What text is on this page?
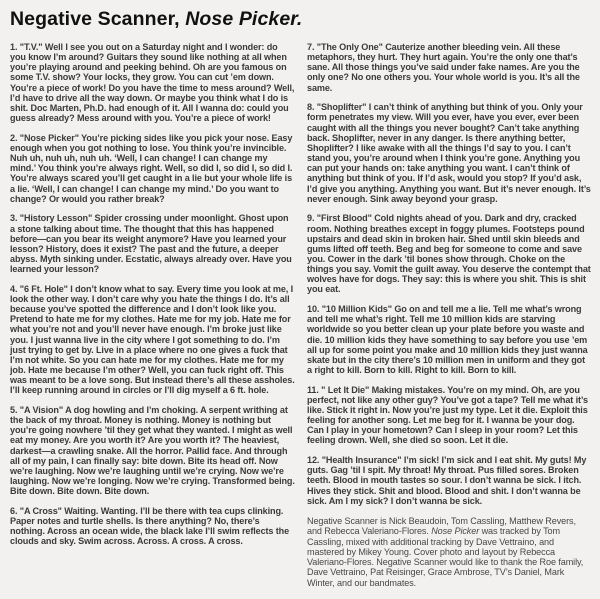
Negative Scanner, Nose Picker.

1. "T.V." Well I see you out on a Saturday night and I wonder: do you know I’m around? Guitars they sound like nothing at all when you’re playing around and peeking behind. Oh are you famous on some T.V. show? Your locks, they grow. You can cut ’em down. You’re a piece of work! Do you have the time to mess around? Well, I’d have to drive all the way down. Or maybe you think what I do is shit. Doc Marten, Ph.D. had enough of it. All I wanna do: could you guess already? Mess around with you. You’re a piece of work!

2. "Nose Picker" You’re picking sides like you pick your nose. Easy enough when you got nothing to lose. You think you’re invincible. Nuh uh, nuh uh, nuh uh. ‘Well, I can change! I can change my mind.’ You think you’re always right. Well, so did I, so did I, so did I. You’re always scared you’ll get caught in a lie but your whole life is a lie. ‘Well, I can change! I can change my mind.’ Do you want to change? Or would you rather break?

3. "History Lesson" Spider crossing under moonlight. Ghost upon a stone talking about time. The thought that this has happened before—can you bear its weight anymore? Have you learned your lesson? History, does it exist? The past and the future, a deeper abyss. Myth sinking under. Ecstatic, always already over. Have you learned your lesson?

4. "6 Ft. Hole" I don’t know what to say. Every time you look at me, I look the other way. I don’t care why you hate the things I do. It’s all because you’ve spotted the difference and I don’t look like you. Pretend to hate me for my clothes. Hate me for my job. Hate me for what you’re not and you’ll never have enough. I’m broke just like you. I just wanna live in the city where I got something to do. I’m just trying to get by. Live in a place where no one gives a fuck that I’m not white. So you can hate me for my clothes. Hate me for my job. Hate me because I’m other? Well, you can fuck right off. This was meant to be a love song. But instead there’s all these assholes. I’ll keep running around in circles or I’ll dig myself a 6 ft. hole.

5. "A Vision" A dog howling and I’m choking. A serpent writhing at the back of my throat. Money is nothing. Money is nothing but you’re going nowhere ’til they get what they wanted. I might as well eat my money. Are you worth it? Are you worth it? The heaviest, darkest—a crawling snake. All the horror. Pallid face. And through all of my pain, I can finally say: bite down. Bite its head off. Now we’re laughing. Now we’re laughing until we’re crying. Now we’re laughing. Now we’re longing. Now we’re crying. Transformed being. Bite down. Bite down. Bite down.

6. "A Cross" Waiting. Wanting. I’ll be there with tea cups clinking. Paper notes and turtle shells. Is there anything? No, there’s nothing. Across an ocean wide, the black lake I’ll swim reflects the clouds and sky. Swim across. Across. A cross. A cross.

7. "The Only One" Cauterize another bleeding vein. All these metaphors, they hurt. They hurt again. You’re the only one that’s sane. All those things you’ve said under fake names. Are you the only one? No one others you. Your whole world is you. It’s all the same.

8. "Shoplifter" I can’t think of anything but think of you. Only your form penetrates my view. Will you ever, have you ever, ever been caught with all the things you never bought? Can’t take anything back. Shoplifter, never in any danger. Is there anything better, Shoplifter? I like awake with all the things I’d say to you. I can’t stand you, you’re around when I think you’re gone. Anything you can put your hands on: take anything you want. I can’t think of anything but think of you. If I’d ask, would you stop? If you’d ask, I’d give you anything. Anything you want. But it’s never enough. It’s never enough. Sink away beyond your grasp.

9. "First Blood" Cold nights ahead of you. Dark and dry, cracked room. Nothing breathes except in foggy plumes. Footsteps pound upstairs and dead skin in broken hair. Shed until skin bleeds and gums lifted off teeth. Beg and beg for someone to come and save you. Cower in the dark ’til bones show through. Choke on the things you say. Vomit the guilt away. You deserve the contempt that wolves have for dogs. They say: this is where you shit. This is shit you eat.

10. "10 Million Kids" Go on and tell me a lie. Tell me what’s wrong and tell me what’s right. Tell me 10 million kids are starving worldwide so you better clean up your plate before you waste and die. 10 million kids they have something to say before you use ’em all up for some point you make and 10 million kids they just wanna skate but in the city there’s 10 million men in uniform and they got a right to kill. Born to kill. Right to kill. Born to kill.

11. " Let It Die" Making mistakes. You’re on my mind. Oh, are you perfect, not like any other guy? You’ve got a tape? Tell me what it’s like. Stick it right in. Now you’re just my type. Let it die. Exploit this feeling for another song. Let me beg for it. I wanna be your dog. Can I play in your hometown? Can I sleep in your room? Let this feeling drown. Well, she died so soon. Let it die.

12. "Health Insurance" I’m sick! I’m sick and I eat shit. My guts! My guts. Gag ’til I spit. My throat! My throat. Pus filled sores. Broken teeth. Blood in mouth tastes so sour. I don’t wanna be sick. I itch. Hives they stick. Shit and blood. Blood and shit. I don’t wanna be sick. Am I my sick? I don’t wanna be sick.

Negative Scanner is Nick Beaudoin, Tom Cassling, Matthew Revers, and Rebecca Valeriano-Flores. Nose Picker was tracked by Tom Cassling, mixed with additional tracking by Dave Vettraino, and mastered by Mikey Young. Cover photo and layout by Rebecca Valeriano-Flores. Negative Scanner would like to thank the Roe family, Dave Vettraino, Pat Reisinger, Grace Ambrose, TV’s Daniel, Mark Winter, and our bandmates.
